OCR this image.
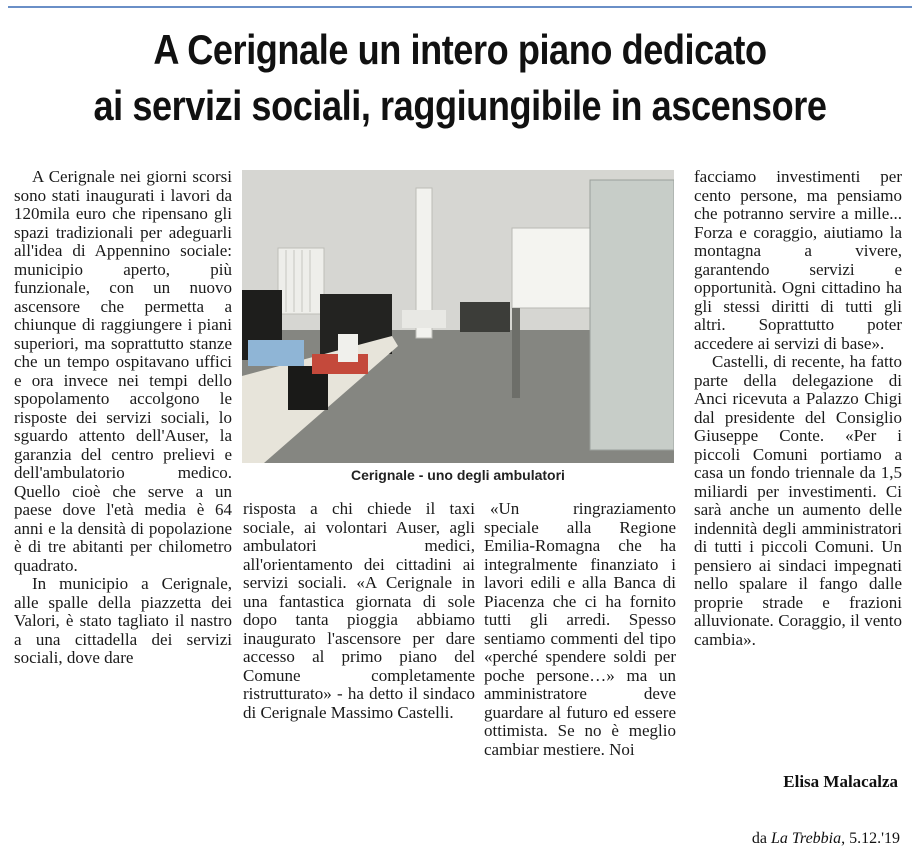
A Cerignale un intero piano dedicato
ai servizi sociali, raggiungibile in ascensore

A Cerignale nei giorni scorsi sono stati inaugurati i lavori da 120mila euro che ripensano gli spazi tradizionali per adeguarli all'idea di Appennino sociale: municipio aperto, più funzionale, con un nuovo ascensore che permetta a chiunque di raggiungere i piani superiori, ma soprattutto stanze che un tempo ospitavano uffici e ora invece nei tempi dello spopolamento accolgono le risposte dei servizi sociali, lo sguardo attento dell'Auser, la garanzia del centro prelievi e dell'ambulatorio medico. Quello cioè che serve a un paese dove l'età media è 64 anni e la densità di popolazione è di tre abitanti per chilometro quadrato.

In municipio a Cerignale, alle spalle della piazzetta dei Valori, è stato tagliato il nastro a una cittadella dei servizi sociali, dove dare

Cerignale - uno degli ambulatori

risposta a chi chiede il taxi sociale, ai volontari Auser, agli ambulatori medici, all'orientamento dei cittadini ai servizi sociali. «A Cerignale in una fantastica giornata di sole dopo tanta pioggia abbiamo inaugurato l'ascensore per dare accesso al primo piano del Comune completamente ristrutturato» - ha detto il sindaco di Cerignale Massimo Castelli.

«Un ringraziamento speciale alla Regione Emilia-Romagna che ha integralmente finanziato i lavori edili e alla Banca di Piacenza che ci ha fornito tutti gli arredi. Spesso sentiamo commenti del tipo «perché spendere soldi per poche persone…» ma un amministratore deve guardare al futuro ed essere ottimista. Se no è meglio cambiar mestiere. Noi

facciamo investimenti per cento persone, ma pensiamo che potranno servire a mille... Forza e coraggio, aiutiamo la montagna a vivere, garantendo servizi e opportunità. Ogni cittadino ha gli stessi diritti di tutti gli altri. Soprattutto poter accedere ai servizi di base».

Castelli, di recente, ha fatto parte della delegazione di Anci ricevuta a Palazzo Chigi dal presidente del Consiglio Giuseppe Conte. «Per i piccoli Comuni portiamo a casa un fondo triennale da 1,5 miliardi per investimenti. Ci sarà anche un aumento delle indennità degli amministratori di tutti i piccoli Comuni. Un pensiero ai sindaci impegnati nello spalare il fango dalle proprie strade e frazioni alluvionate. Coraggio, il vento cambia».

Elisa Malacalza
da La Trebbia, 5.12.'19
